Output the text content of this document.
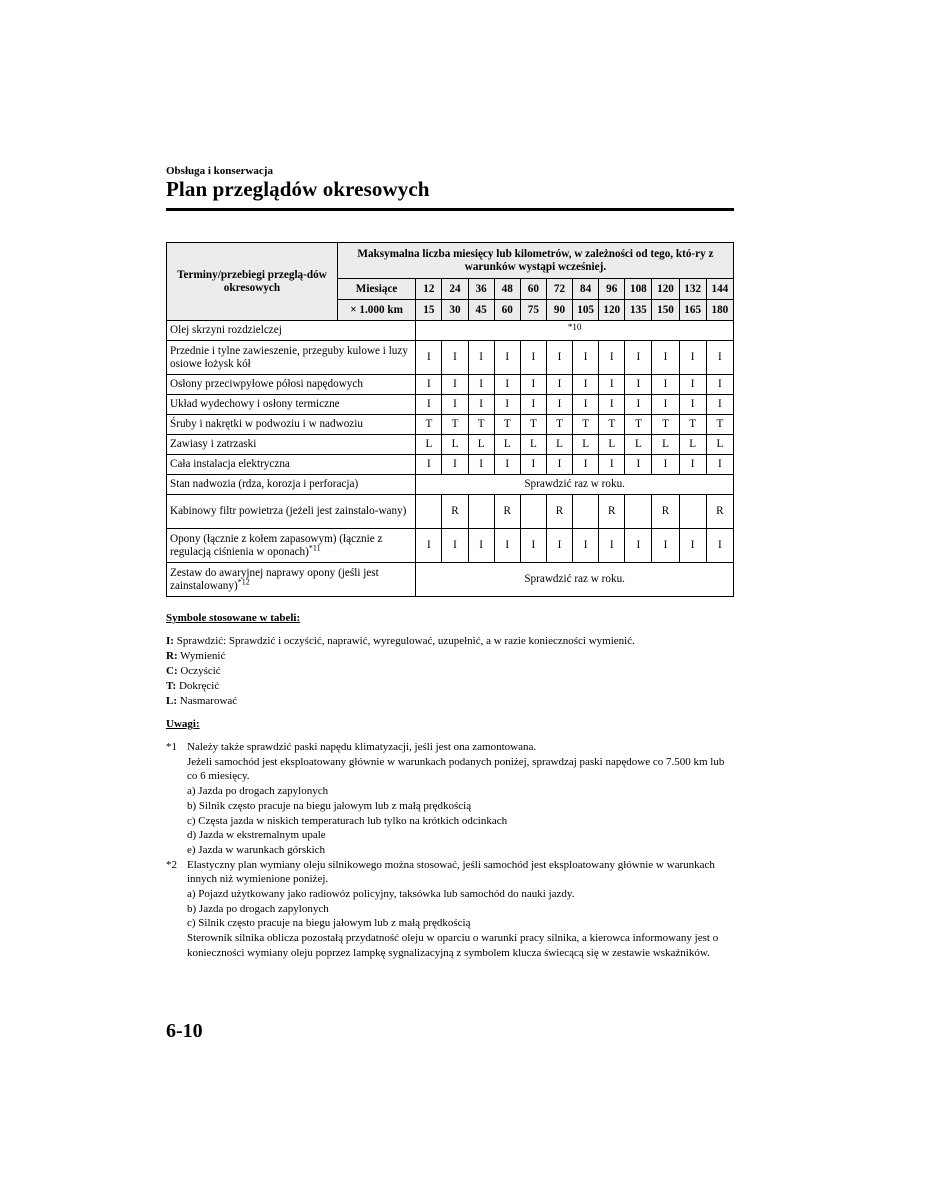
Obsługa i konserwacja
Plan przeglądów okresowych
Terminy/przebiegi przeglą-dów okresowych	Maksymalna liczba miesięcy lub kilometrów, w zależności od tego, któ-ry z warunków wystąpi wcześniej.												
	Miesiące	12	24	36	48	60	72	84	96	108	120	132	144
	× 1.000 km	15	30	45	60	75	90	105	120	135	150	165	180
Olej skrzyni rozdzielczej		*10											
Przednie i tylne zawieszenie, przeguby kulowe i luzy osiowe łożysk kół		I	I	I	I	I	I	I	I	I	I	I	I
Osłony przeciwpyłowe półosi napędowych		I	I	I	I	I	I	I	I	I	I	I	I
Układ wydechowy i osłony termiczne		I	I	I	I	I	I	I	I	I	I	I	I
Śruby i nakrętki w podwoziu i w nadwoziu		T	T	T	T	T	T	T	T	T	T	T	T
Zawiasy i zatrzaski		L	L	L	L	L	L	L	L	L	L	L	L
Cała instalacja elektryczna		I	I	I	I	I	I	I	I	I	I	I	I
Stan nadwozia (rdza, korozja i perforacja)		Sprawdzić raz w roku.											
Kabinowy filtr powietrza (jeżeli jest zainstalo-wany)			R		R		R		R		R		R
Opony (łącznie z kołem zapasowym) (łącznie z regulacją ciśnienia w oponach)$^{*11}$		I	I	I	I	I	I	I	I	I	I	I	I
Zestaw do awaryjnej naprawy opony (jeśli jest zainstalowany)$^{*12}$		Sprawdzić raz w roku.											
Symbole stosowane w tabeli:
I: Sprawdzić: Sprawdzić i oczyścić, naprawić, wyregulować, uzupełnić, a w razie konieczności wymienić.
R: Wymienić
C: Oczyścić
T: Dokręcić
L: Nasmarować
Uwagi:
*1 Należy także sprawdzić paski napędu klimatyzacji, jeśli jest ona zamontowana.
Jeżeli samochód jest eksploatowany głównie w warunkach podanych poniżej, sprawdzaj paski napędowe co 7.500 km lub co 6 miesięcy.
a) Jazda po drogach zapylonych
b) Silnik często pracuje na biegu jałowym lub z małą prędkością
c) Częsta jazda w niskich temperaturach lub tylko na krótkich odcinkach
d) Jazda w ekstremalnym upale
e) Jazda w warunkach górskich
*2 Elastyczny plan wymiany oleju silnikowego można stosować, jeśli samochód jest eksploatowany głównie w warunkach innych niż wymienione poniżej.
a) Pojazd użytkowany jako radiowóz policyjny, taksówka lub samochód do nauki jazdy.
b) Jazda po drogach zapylonych
c) Silnik często pracuje na biegu jałowym lub z małą prędkością
Sterownik silnika oblicza pozostałą przydatność oleju w oparciu o warunki pracy silnika, a kierowca informowany jest o konieczności wymiany oleju poprzez lampkę sygnalizacyjną z symbolem klucza świecącą się w zestawie wskaźników.
6-10
